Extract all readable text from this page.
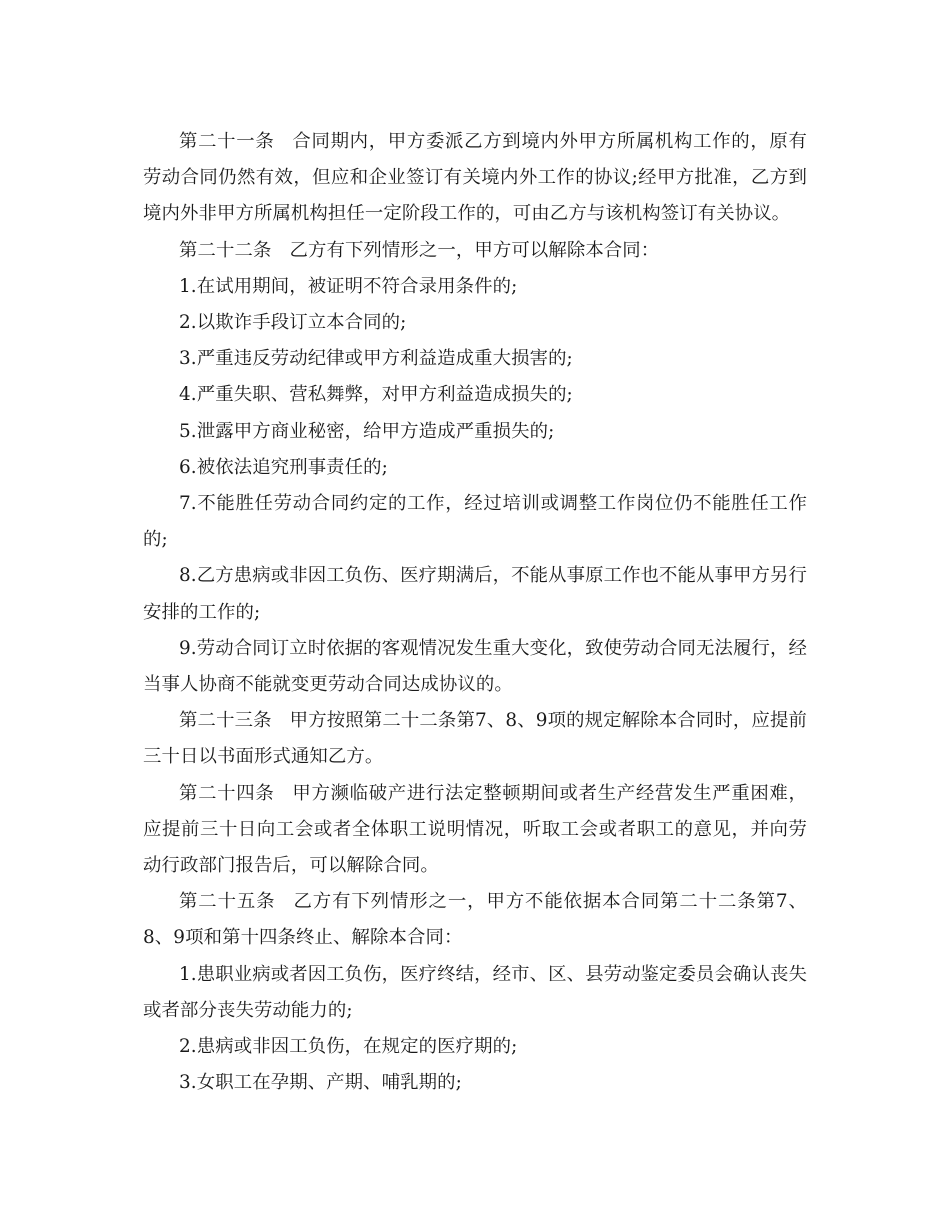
第二十一条 合同期内，甲方委派乙方到境内外甲方所属机构工作的，原有劳动合同仍然有效，但应和企业签订有关境内外工作的协议;经甲方批准，乙方到境内外非甲方所属机构担任一定阶段工作的，可由乙方与该机构签订有关协议。

第二十二条 乙方有下列情形之一，甲方可以解除本合同：

1.在试用期间，被证明不符合录用条件的;

2.以欺诈手段订立本合同的;

3.严重违反劳动纪律或甲方利益造成重大损害的;

4.严重失职、营私舞弊，对甲方利益造成损失的;

5.泄露甲方商业秘密，给甲方造成严重损失的;

6.被依法追究刑事责任的;

7.不能胜任劳动合同约定的工作，经过培训或调整工作岗位仍不能胜任工作的;

8.乙方患病或非因工负伤、医疗期满后，不能从事原工作也不能从事甲方另行安排的工作的;

9.劳动合同订立时依据的客观情况发生重大变化，致使劳动合同无法履行，经当事人协商不能就变更劳动合同达成协议的。

第二十三条 甲方按照第二十二条第7、8、9项的规定解除本合同时，应提前三十日以书面形式通知乙方。

第二十四条 甲方濒临破产进行法定整顿期间或者生产经营发生严重困难，应提前三十日向工会或者全体职工说明情况，听取工会或者职工的意见，并向劳动行政部门报告后，可以解除合同。

第二十五条 乙方有下列情形之一，甲方不能依据本合同第二十二条第7、8、9项和第十四条终止、解除本合同：

1.患职业病或者因工负伤，医疗终结，经市、区、县劳动鉴定委员会确认丧失或者部分丧失劳动能力的;

2.患病或非因工负伤，在规定的医疗期的;

3.女职工在孕期、产期、哺乳期的;
